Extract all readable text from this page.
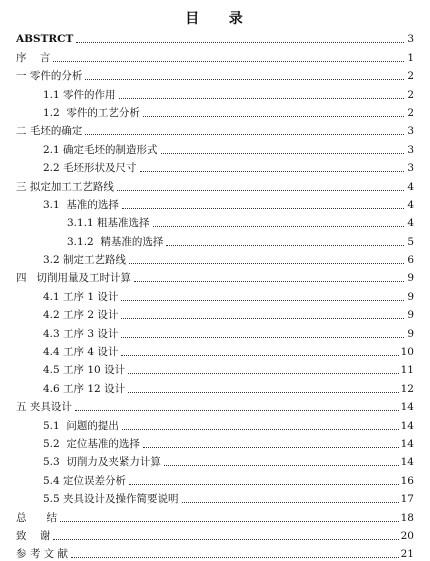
目    录
ABSTRCT	3
序    言	1
一 零件的分析	2
1.1 零件的作用	2
1.2  零件的工艺分析	2
二 毛坯的确定	3
2.1 确定毛坯的制造形式	3
2.2 毛坯形状及尺寸	3
三 拟定加工工艺路线	4
3.1  基准的选择	4
3.1.1 粗基准选择	4
3.1.2  精基准的选择	5
3.2 制定工艺路线	6
四   切削用量及工时计算	9
4.1 工序 1 设计	9
4.2 工序 2 设计	9
4.3 工序 3 设计	9
4.4 工序 4 设计	10
4.5 工序 10 设计	11
4.6 工序 12 设计	12
五 夹具设计	14
5.1  问题的提出	14
5.2  定位基准的选择	14
5.3  切削力及夹紧力计算	14
5.4 定位误差分析	16
5.5 夹具设计及操作简要说明	17
总      结	18
致    谢	20
参 考 文 献	21
